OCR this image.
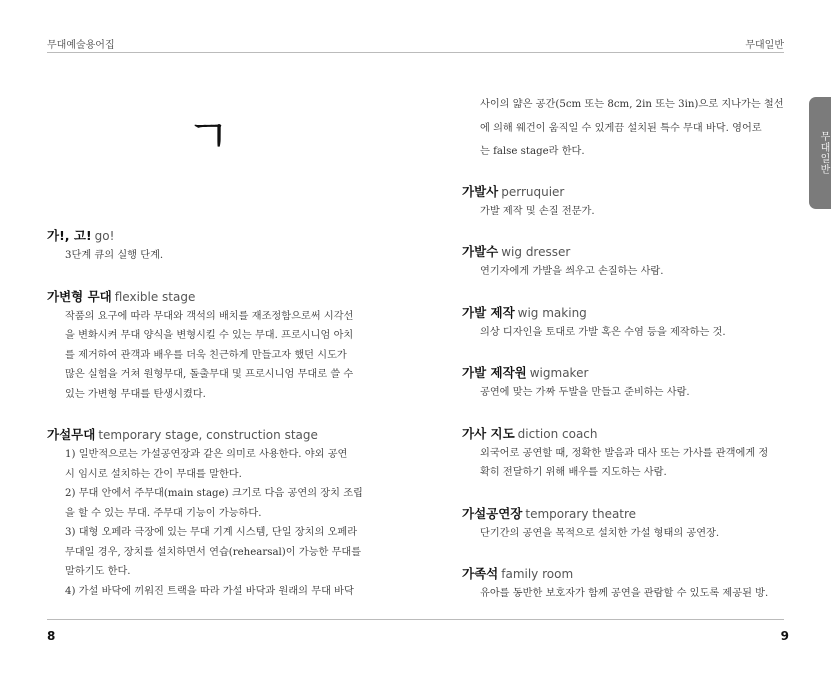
무대예술용어집	무대일반
무대일반
ㄱ
가!, 고! go!
3단계 큐의 실행 단계.
가변형 무대 flexible stage
작품의 요구에 따라 무대와 객석의 배치를 재조정함으로써 시각선
을 변화시켜 무대 양식을 변형시킬 수 있는 무대. 프로시니엄 아치
를 제거하여 관객과 배우를 더욱 친근하게 만들고자 했던 시도가
많은 실험을 거쳐 원형무대, 돌출무대 및 프로시니엄 무대로 쓸 수
있는 가변형 무대를 탄생시켰다.
가설무대 temporary stage, construction stage
1) 일반적으로는 가설공연장과 같은 의미로 사용한다. 야외 공연
시 임시로 설치하는 간이 무대를 말한다.
2) 무대 안에서 주무대(main stage) 크기로 다음 공연의 장치 조립
을 할 수 있는 무대. 주무대 기능이 가능하다.
3) 대형 오페라 극장에 있는 무대 기계 시스템, 단일 장치의 오페라
무대일 경우, 장치를 설치하면서 연습(rehearsal)이 가능한 무대를
말하기도 한다.
4) 가설 바닥에 끼워진 트랙을 따라 가설 바닥과 원래의 무대 바닥
사이의 얇은 공간(5cm 또는 8cm, 2in 또는 3in)으로 지나가는 철선
에 의해 웨건이 움직일 수 있게끔 설치된 특수 무대 바닥. 영어로
는 false stage라 한다.
가발사 perruquier
가발 제작 및 손질 전문가.
가발수 wig dresser
연기자에게 가발을 씌우고 손질하는 사람.
가발 제작 wig making
의상 디자인을 토대로 가발 혹은 수염 등을 제작하는 것.
가발 제작원 wigmaker
공연에 맞는 가짜 두발을 만들고 준비하는 사람.
가사 지도 diction coach
외국어로 공연할 때, 정확한 발음과 대사 또는 가사를 관객에게 정
확히 전달하기 위해 배우를 지도하는 사람.
가설공연장 temporary theatre
단기간의 공연을 목적으로 설치한 가설 형태의 공연장.
가족석 family room
유아를 동반한 보호자가 함께 공연을 관람할 수 있도록 제공된 방.
8	9
